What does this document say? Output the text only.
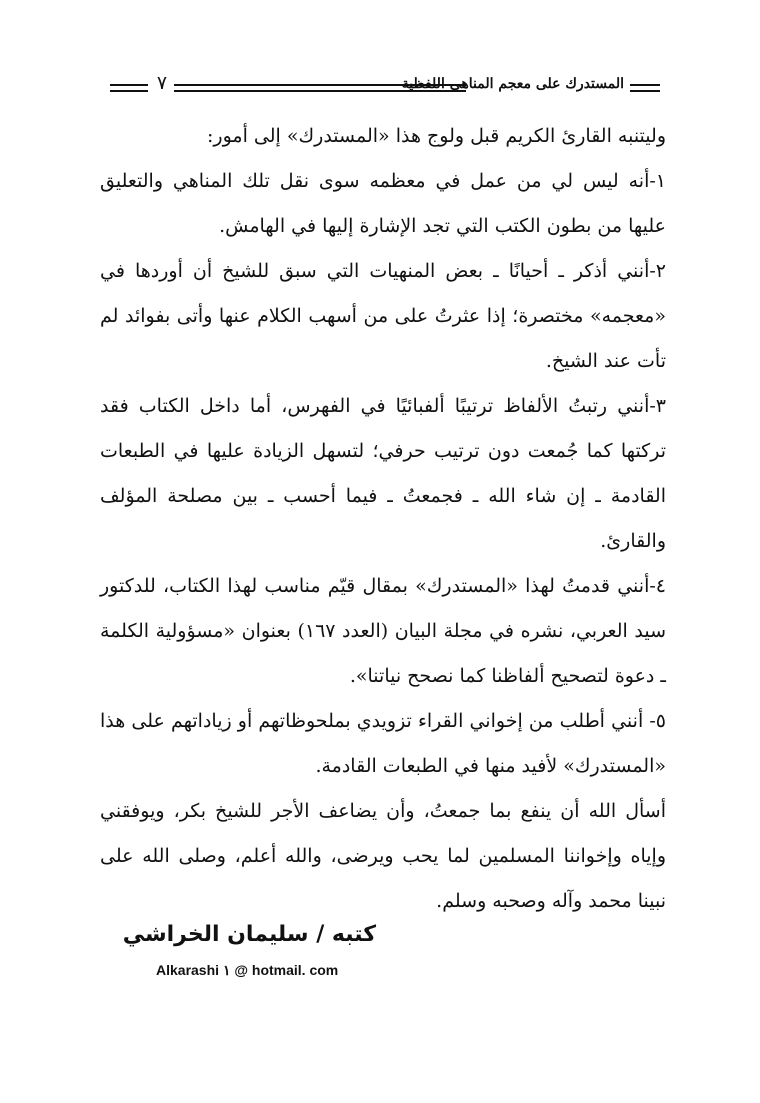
٧	المستدرك على معجم المناهي اللفظية

وليتنبه القارئ الكريم قبل ولوج هذا «المستدرك» إلى أمور:

١-أنه ليس لي من عمل في معظمه سوى نقل تلك المناهي والتعليق عليها من بطون الكتب التي تجد الإشارة إليها في الهامش.

٢-أنني أذكر ـ أحيانًا ـ بعض المنهيات التي سبق للشيخ أن أوردها في «معجمه» مختصرة؛ إذا عثرتُ على من أسهب الكلام عنها وأتى بفوائد لم تأت عند الشيخ.

٣-أنني رتبتُ الألفاظ ترتيبًا ألفبائيًا في الفهرس، أما داخل الكتاب فقد تركتها كما جُمعت دون ترتيب حرفي؛ لتسهل الزيادة عليها في الطبعات القادمة ـ إن شاء الله ـ فجمعتُ ـ فيما أحسب ـ بين مصلحة المؤلف والقارئ.

٤-أنني قدمتُ لهذا «المستدرك» بمقال قيّم مناسب لهذا الكتاب، للدكتور سيد العربي، نشره في مجلة البيان (العدد ١٦٧) بعنوان «مسؤولية الكلمة ـ دعوة لتصحيح ألفاظنا كما نصحح نياتنا».

٥- أنني أطلب من إخواني القراء تزويدي بملحوظاتهم أو زياداتهم على هذا «المستدرك» لأفيد منها في الطبعات القادمة.

أسأل الله أن ينفع بما جمعتُ، وأن يضاعف الأجر للشيخ بكر، ويوفقني وإياه وإخواننا المسلمين لما يحب ويرضى، والله أعلم، وصلى الله على نبينا محمد وآله وصحبه وسلم.

كتبه / سليمان الخراشي
Alkarashi ١ @ hotmail. com
